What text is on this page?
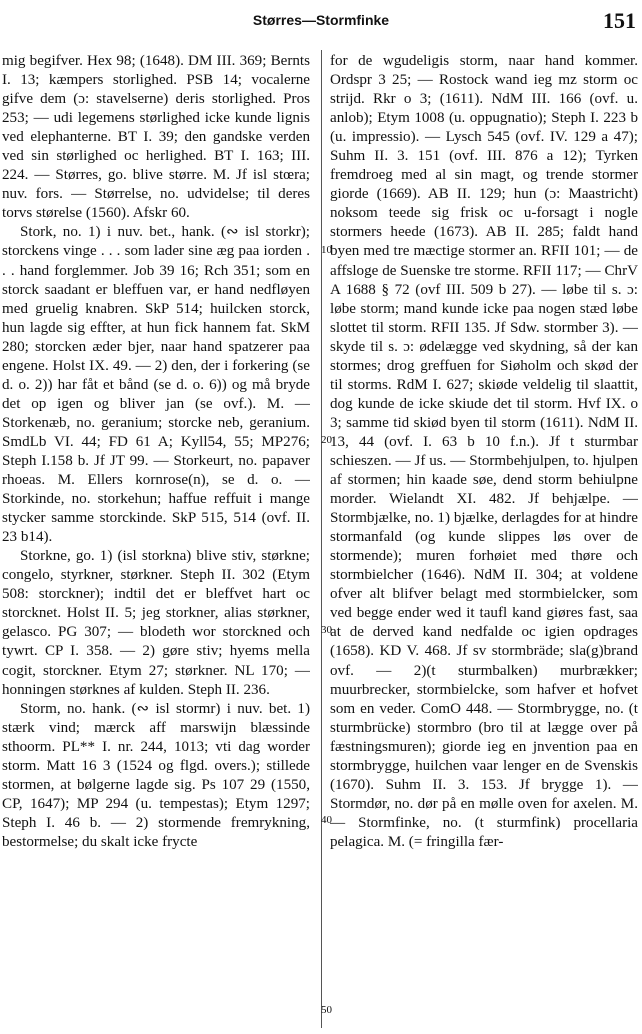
Størres—Stormfinke	151
10
20
30
40
50

mig begifver. Hex 98; (1648). DM III. 369; Bernts I. 13; kæmpers storlighed. PSB 14; vocalerne gifve dem (ɔ: stavelserne) deris storlighed. Pros 253; — udi legemens størlighed icke kunde lignis ved elephanterne. BT I. 39; den gandske verden ved sin størlighed oc herlighed. BT I. 163; III. 224. — Størres, go. blive større. M. Jf isl stœra; nuv. fors. — Størrelse, no. udvidelse; til deres torvs størelse (1560). Afskr 60.

Stork, no. 1) i nuv. bet., hank. (∾ isl storkr); storckens vinge . . . som lader sine æg paa iorden . . . hand forglemmer. Job 39 16; Rch 351; som en storck saadant er bleffuen var, er hand nedfløyen med gruelig knabren. SkP 514; huilcken storck, hun lagde sig effter, at hun fick hannem fat. SkM 280; storcken æder bjer, naar hand spatzerer paa engene. Holst IX. 49. — 2) den, der i forkering (se d. o. 2)) har fåt et bånd (se d. o. 6)) og må bryde det op igen og bliver jan (se ovf.). M. — Storkenæb, no. geranium; storcke neb, geranium. SmdLb VI. 44; FD 61 A; Kyll54, 55; MP276; Steph I.158 b. Jf JT 99. — Storkeurt, no. papaver rhoeas. M. Ellers kornrose(n), se d. o. — Storkinde, no. storkehun; haffue reffuit i mange stycker samme storckinde. SkP 515, 514 (ovf. II. 23 b14).

Storkne, go. 1) (isl storkna) blive stiv, størkne; congelo, styrkner, størkner. Steph II. 302 (Etym 508: storckner); indtil det er bleffvet hart oc storcknet. Holst II. 5; jeg storkner, alias størkner, gelasco. PG 307; — blodeth wor storckned och tywrt. CP I. 358. — 2) gøre stiv; hyems mella cogit, storckner. Etym 27; størkner. NL 170; — honningen størknes af kulden. Steph II. 236.

Storm, no. hank. (∾ isl stormr) i nuv. bet. 1) stærk vind; mærck aff marswijn blæssinde sthoorm. PL** I. nr. 244, 1013; vti dag worder storm. Matt 16 3 (1524 og flgd. overs.); stillede stormen, at bølgerne lagde sig. Ps 107 29 (1550, CP, 1647); MP 294 (u. tempestas); Etym 1297; Steph I. 46 b. — 2) stormende fremrykning, bestormelse; du skalt icke frycte

for de wgudeligis storm, naar hand kommer. Ordspr 3 25; — Rostock wand ieg mz storm oc strijd. Rkr o 3; (1611). NdM III. 166 (ovf. u. anlob); Etym 1008 (u. oppugnatio); Steph I. 223 b (u. impressio). — Lysch 545 (ovf. IV. 129 a 47); Suhm II. 3. 151 (ovf. III. 876 a 12); Tyrken fremdroeg med al sin magt, og trende stormer giorde (1669). AB II. 129; hun (ɔ: Maastricht) noksom teede sig frisk oc u-forsagt i nogle stormers heede (1673). AB II. 285; faldt hand byen med tre mæctige stormer an. RFII 101; — de affsloge de Suenske tre storme. RFII 117; — ChrV A 1688 § 72 (ovf III. 509 b 27). — løbe til s. ɔ: løbe storm; mand kunde icke paa nogen stæd løbe slottet til storm. RFII 135. Jf Sdw. stormber 3). — skyde til s. ɔ: ødelægge ved skydning, så der kan stormes; drog greffuen for Siøholm och skød der til storms. RdM I. 627; skiøde veldelig til slaattit, dog kunde de icke skiude det til storm. Hvf IX. o 3; samme tid skiød byen til storm (1611). NdM II. 13, 44 (ovf. I. 63 b 10 f.n.). Jf t sturmbar schieszen. — Jf us. — Stormbehjulpen, to. hjulpen af stormen; hin kaade søe, dend storm behiulpne morder. Wielandt XI. 482. Jf behjælpe. — Stormbjælke, no. 1) bjælke, derlagdes for at hindre stormanfald (og kunde slippes løs over de stormende); muren forhøiet med thøre och stormbielcher (1646). NdM II. 304; at voldene ofver alt blifver belagt med stormbielcker, som ved begge ender wed it taufl kand giøres fast, saa at de derved kand nedfalde oc igien opdrages (1658). KD V. 468. Jf sv stormbräde; sla(g)brand ovf. — 2)(t sturmbalken) murbrækker; muurbrecker, stormbielcke, som hafver et hofvet som en veder. ComO 448. — Stormbrygge, no. (t sturmbrücke) stormbro (bro til at lægge over på fæstningsmuren); giorde ieg en jnvention paa en stormbrygge, huilchen vaar lenger en de Svenskis (1670). Suhm II. 3. 153. Jf brygge 1). — Stormdør, no. dør på en mølle oven for axelen. M. — Stormfinke, no. (t sturmfink) procellaria pelagica. M. (= fringilla fær-
